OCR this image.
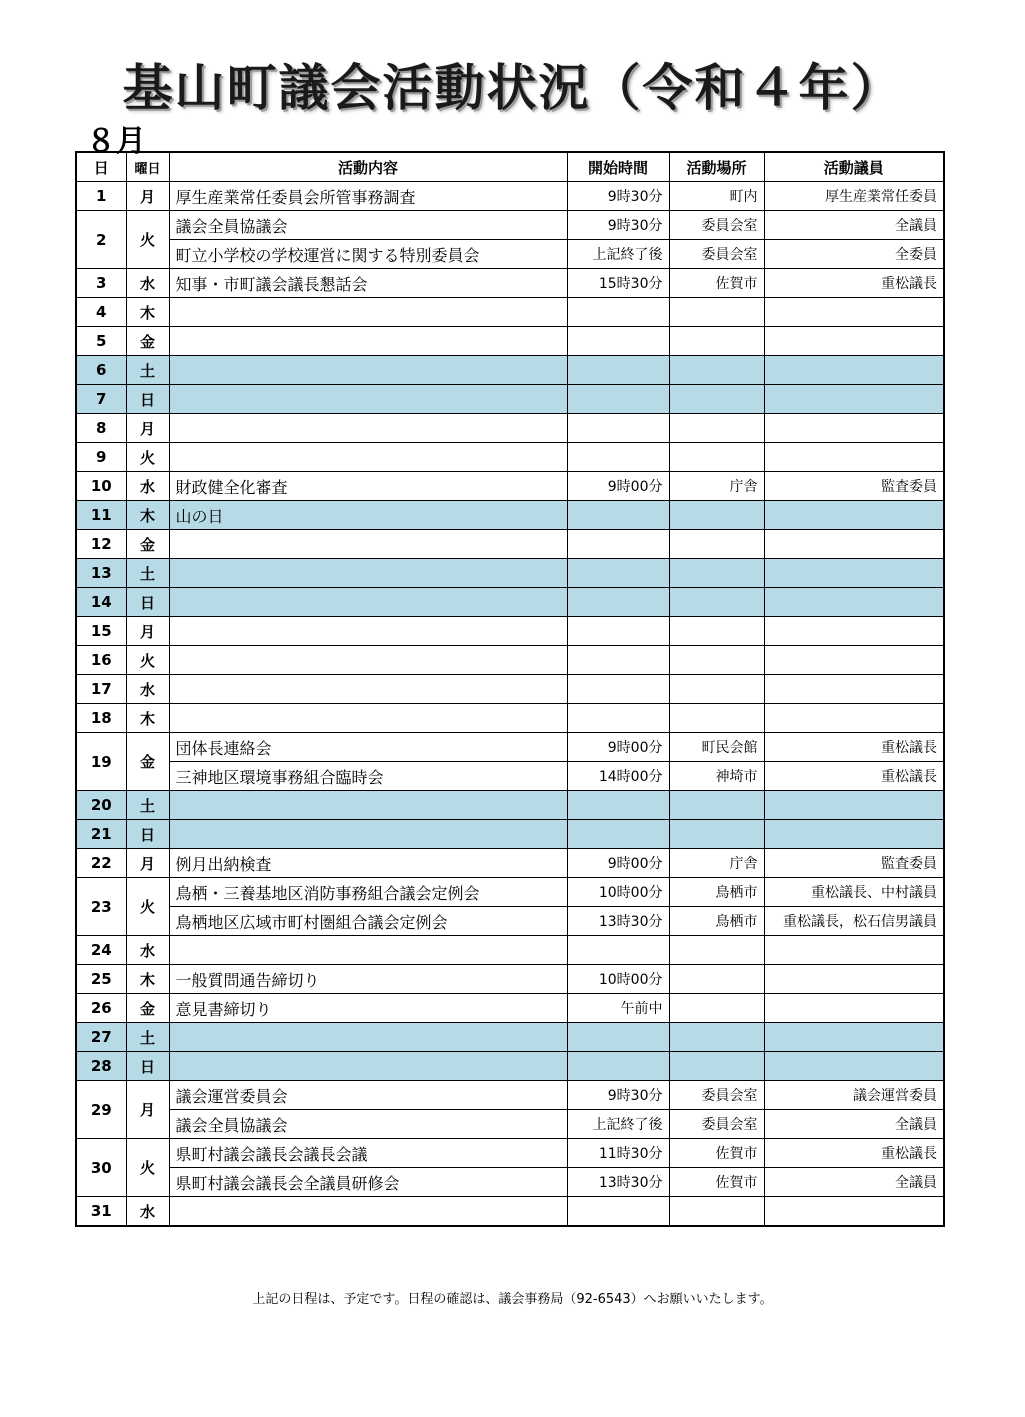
基山町議会活動状況（令和４年）
８月
日	曜日	活動内容	開始時間	活動場所	活動議員
1	月	厚生産業常任委員会所管事務調査	9時30分	町内	厚生産業常任委員
2	火	議会全員協議会	9時30分	委員会室	全議員
		町立小学校の学校運営に関する特別委員会	上記終了後	委員会室	全委員
3	水	知事・市町議会議長懇話会	15時30分	佐賀市	重松議長
4	木				
5	金				
6	土				
7	日				
8	月				
9	火				
10	水	財政健全化審査	9時00分	庁舎	監査委員
11	木	山の日			
12	金				
13	土				
14	日				
15	月				
16	火				
17	水				
18	木				
19	金	団体長連絡会	9時00分	町民会館	重松議長
		三神地区環境事務組合臨時会	14時00分	神埼市	重松議長
20	土				
21	日				
22	月	例月出納検査	9時00分	庁舎	監査委員
23	火	鳥栖・三養基地区消防事務組合議会定例会	10時00分	鳥栖市	重松議長、中村議員
		鳥栖地区広域市町村圏組合議会定例会	13時30分	鳥栖市	重松議長，松石信男議員
24	水				
25	木	一般質問通告締切り	10時00分		
26	金	意見書締切り	午前中		
27	土				
28	日				
29	月	議会運営委員会	9時30分	委員会室	議会運営委員
		議会全員協議会	上記終了後	委員会室	全議員
30	火	県町村議会議長会議長会議	11時30分	佐賀市	重松議長
		県町村議会議長会全議員研修会	13時30分	佐賀市	全議員
31	水				
上記の日程は、予定です。日程の確認は、議会事務局（92-6543）へお願いいたします。
